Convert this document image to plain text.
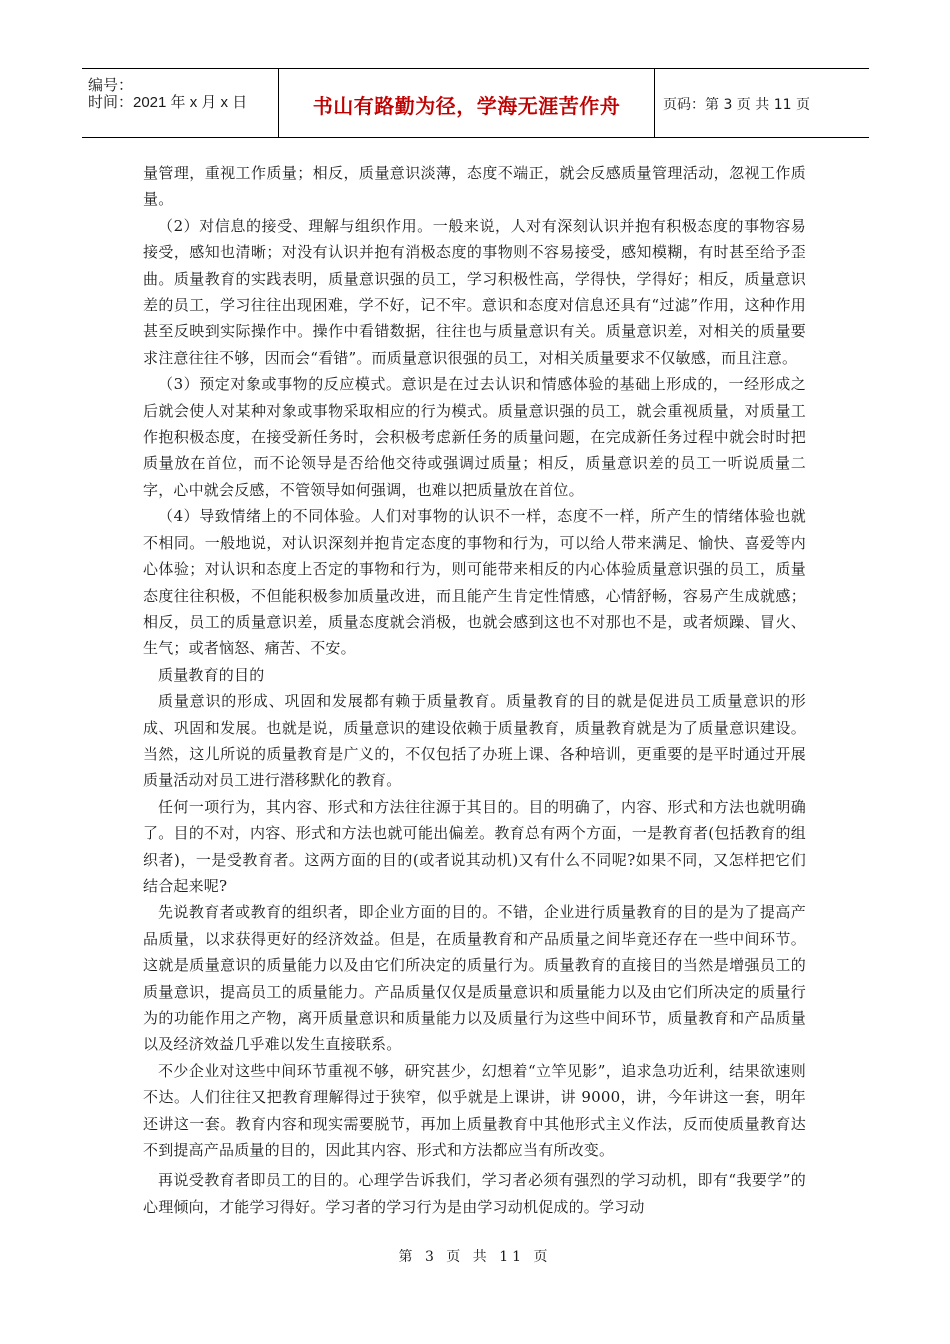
编号：
时间：2021 年 x 月 x 日	书山有路勤为径，学海无涯苦作舟	页码：第 3 页 共 11 页

量管理，重视工作质量；相反，质量意识淡薄，态度不端正，就会反感质量管理活动，忽视工作质量。

（2）对信息的接受、理解与组织作用。一般来说，人对有深刻认识并抱有积极态度的事物容易接受，感知也清晰；对没有认识并抱有消极态度的事物则不容易接受，感知模糊，有时甚至给予歪曲。质量教育的实践表明，质量意识强的员工，学习积极性高，学得快，学得好；相反，质量意识差的员工，学习往往出现困难，学不好，记不牢。意识和态度对信息还具有“过滤”作用，这种作用甚至反映到实际操作中。操作中看错数据，往往也与质量意识有关。质量意识差，对相关的质量要求注意往往不够，因而会“看错”。而质量意识很强的员工，对相关质量要求不仅敏感，而且注意。

（3）预定对象或事物的反应模式。意识是在过去认识和情感体验的基础上形成的，一经形成之后就会使人对某种对象或事物采取相应的行为模式。质量意识强的员工，就会重视质量，对质量工作抱积极态度，在接受新任务时，会积极考虑新任务的质量问题，在完成新任务过程中就会时时把质量放在首位，而不论领导是否给他交待或强调过质量；相反，质量意识差的员工一听说质量二字，心中就会反感，不管领导如何强调，也难以把质量放在首位。

（4）导致情绪上的不同体验。人们对事物的认识不一样，态度不一样，所产生的情绪体验也就不相同。一般地说，对认识深刻并抱肯定态度的事物和行为，可以给人带来满足、愉快、喜爱等内心体验；对认识和态度上否定的事物和行为，则可能带来相反的内心体验质量意识强的员工，质量态度往往积极，不但能积极参加质量改进，而且能产生肯定性情感，心情舒畅，容易产生成就感；相反，员工的质量意识差，质量态度就会消极，也就会感到这也不对那也不是，或者烦躁、冒火、生气；或者恼怒、痛苦、不安。

质量教育的目的

质量意识的形成、巩固和发展都有赖于质量教育。质量教育的目的就是促进员工质量意识的形成、巩固和发展。也就是说，质量意识的建设依赖于质量教育，质量教育就是为了质量意识建设。当然，这儿所说的质量教育是广义的，不仅包括了办班上课、各种培训，更重要的是平时通过开展质量活动对员工进行潜移默化的教育。

任何一项行为，其内容、形式和方法往往源于其目的。目的明确了，内容、形式和方法也就明确了。目的不对，内容、形式和方法也就可能出偏差。教育总有两个方面，一是教育者(包括教育的组织者)，一是受教育者。这两方面的目的(或者说其动机)又有什么不同呢?如果不同，又怎样把它们结合起来呢?

先说教育者或教育的组织者，即企业方面的目的。不错，企业进行质量教育的目的是为了提高产品质量，以求获得更好的经济效益。但是，在质量教育和产品质量之间毕竟还存在一些中间环节。这就是质量意识的质量能力以及由它们所决定的质量行为。质量教育的直接目的当然是增强员工的质量意识，提高员工的质量能力。产品质量仅仅是质量意识和质量能力以及由它们所决定的质量行为的功能作用之产物，离开质量意识和质量能力以及质量行为这些中间环节，质量教育和产品质量以及经济效益几乎难以发生直接联系。

不少企业对这些中间环节重视不够，研究甚少，幻想着“立竿见影”，追求急功近利，结果欲速则不达。人们往往又把教育理解得过于狭窄，似乎就是上课讲，讲 9000，讲，今年讲这一套，明年还讲这一套。教育内容和现实需要脱节，再加上质量教育中其他形式主义作法，反而使质量教育达不到提高产品质量的目的，因此其内容、形式和方法都应当有所改变。

再说受教育者即员工的目的。心理学告诉我们，学习者必须有强烈的学习动机，即有“我要学”的心理倾向，才能学习得好。学习者的学习行为是由学习动机促成的。学习动

第 3 页 共 11 页
